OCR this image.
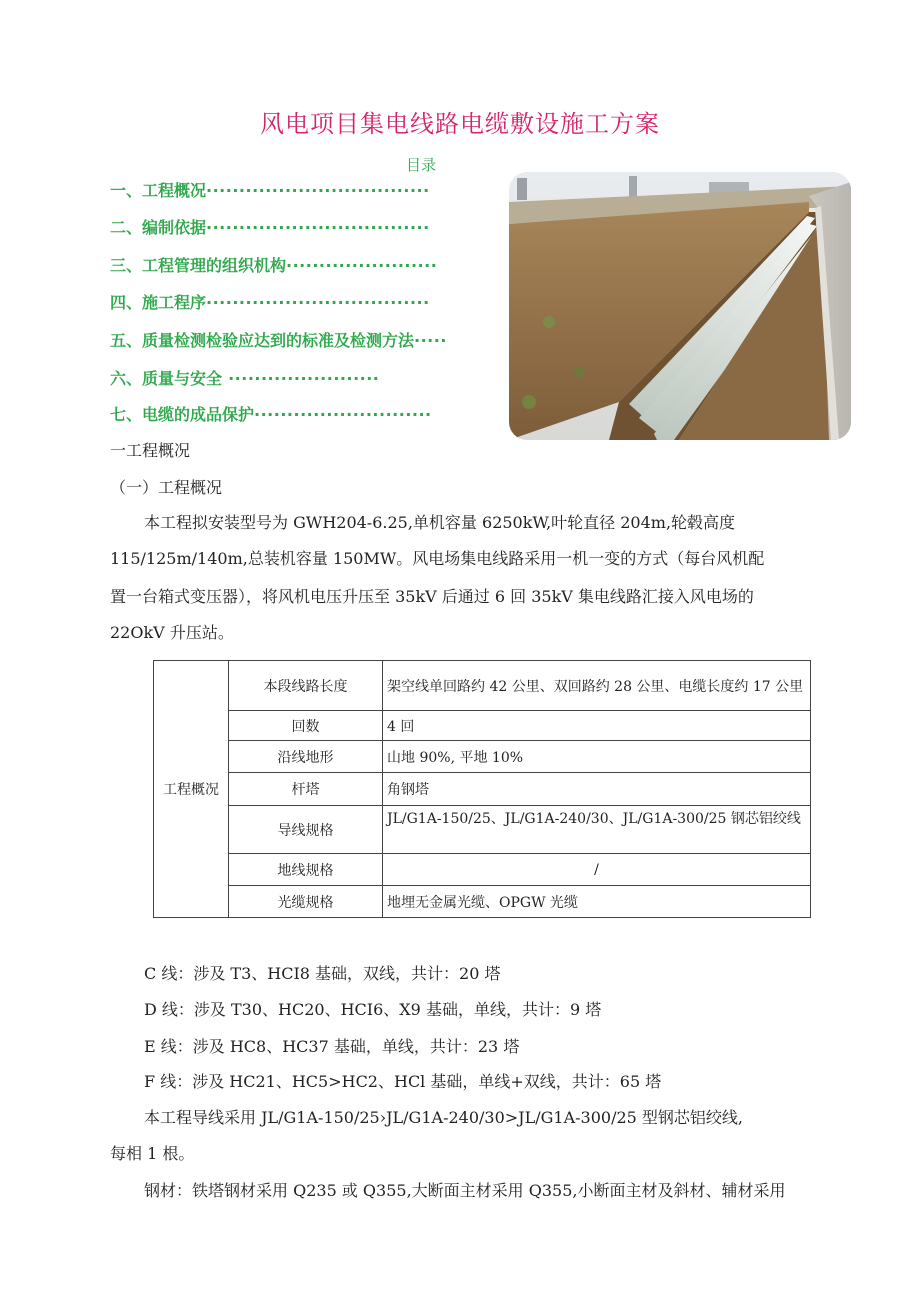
风电项目集电线路电缆敷设施工方案
目录
一、工程概况··································
二、编制依据··································
三、工程管理的组织机构·······················
四、施工程序··································
五、质量检测检验应达到的标准及检测方法·····
六、质量与安全 ·······················
七、电缆的成品保护···························
一工程概况
（一）工程概况
本工程拟安装型号为 GWH204-6.25,单机容量 6250kW,叶轮直径 204m,轮毂高度
115/125m/140m,总装机容量 150MW。风电场集电线路采用一机一变的方式（每台风机配
置一台箱式变压器），将风机电压升压至 35kV 后通过 6 回 35kV 集电线路汇接入风电场的
22OkV 升压站。
工程概况	本段线路长度	架空线单回路约 42 公里、双回路约 28 公里、电缆长度约 17 公里
	回数	4 回
	沿线地形	山地 90%, 平地 10%
	杆塔	角钢塔
	导线规格	JL/G1A-150/25、JL/G1A-240/30、JL/G1A-300/25 钢芯铝绞线
	地线规格	/
	光缆规格	地埋无金属光缆、OPGW 光缆
C 线：涉及 T3、HCI8 基础，双线，共计：20 塔
D 线：涉及 T30、HC20、HCI6、X9 基础，单线，共计：9 塔
E 线：涉及 HC8、HC37 基础，单线，共计：23 塔
F 线：涉及 HC21、HC5>HC2、HCl 基础，单线+双线，共计：65 塔
本工程导线采用 JL/G1A-150/25›JL/G1A-240/30>JL/G1A-300/25 型钢芯铝绞线,
每相 1 根。
钢材：铁塔钢材采用 Q235 或 Q355,大断面主材采用 Q355,小断面主材及斜材、辅材采用
